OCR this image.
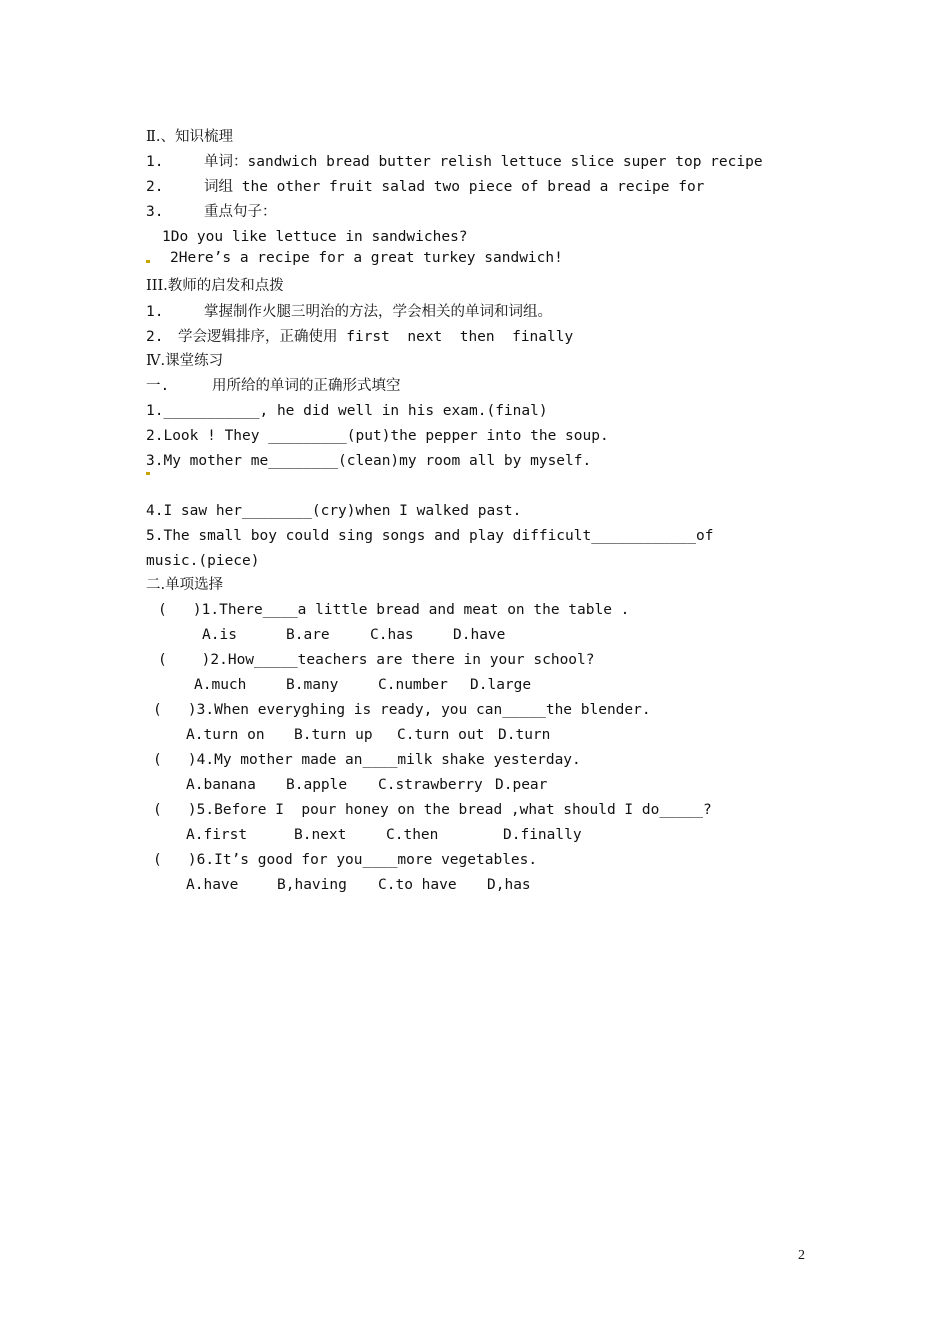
Ⅱ.、知识梳理
1.	单词：sandwich bread butter relish lettuce slice super top recipe
2.	词组 the other fruit salad two piece of bread a recipe for
3.	重点句子：
1Do you like lettuce in sandwiches?
2Here’s a recipe for a great turkey sandwich!
III.教师的启发和点拨
1.	掌握制作火腿三明治的方法，学会相关的单词和词组。
2. 学会逻辑排序，正确使用 first  next  then  finally
Ⅳ.课堂练习
一.	用所给的单词的正确形式填空
1.___________, he did well in his exam.(final)
2.Look ! They _________(put)the pepper into the soup.
3.My mother me________(clean)my room all by myself.
4.I saw her________(cry)when I walked past.
5.The small boy could sing songs and play difficult____________of
music.(piece)
二.单项选择
(   )1.There____a little bread and meat on the table .
A.is	B.are	C.has	D.have
(    )2.How_____teachers are there in your school?
A.much	B.many	C.number D.large
(   )3.When everyghing is ready, you can_____the blender.
A.turn on B.turn up C.turn out D.turn
(   )4.My mother made an____milk shake yesterday.
A.banana B.apple C.strawberry D.pear
(   )5.Before I  pour honey on the bread ,what should I do_____?
A.first	B.next	C.then	D.finally
(   )6.It’s good for you____more vegetables.
A.have	B,having C.to have D,has
2
